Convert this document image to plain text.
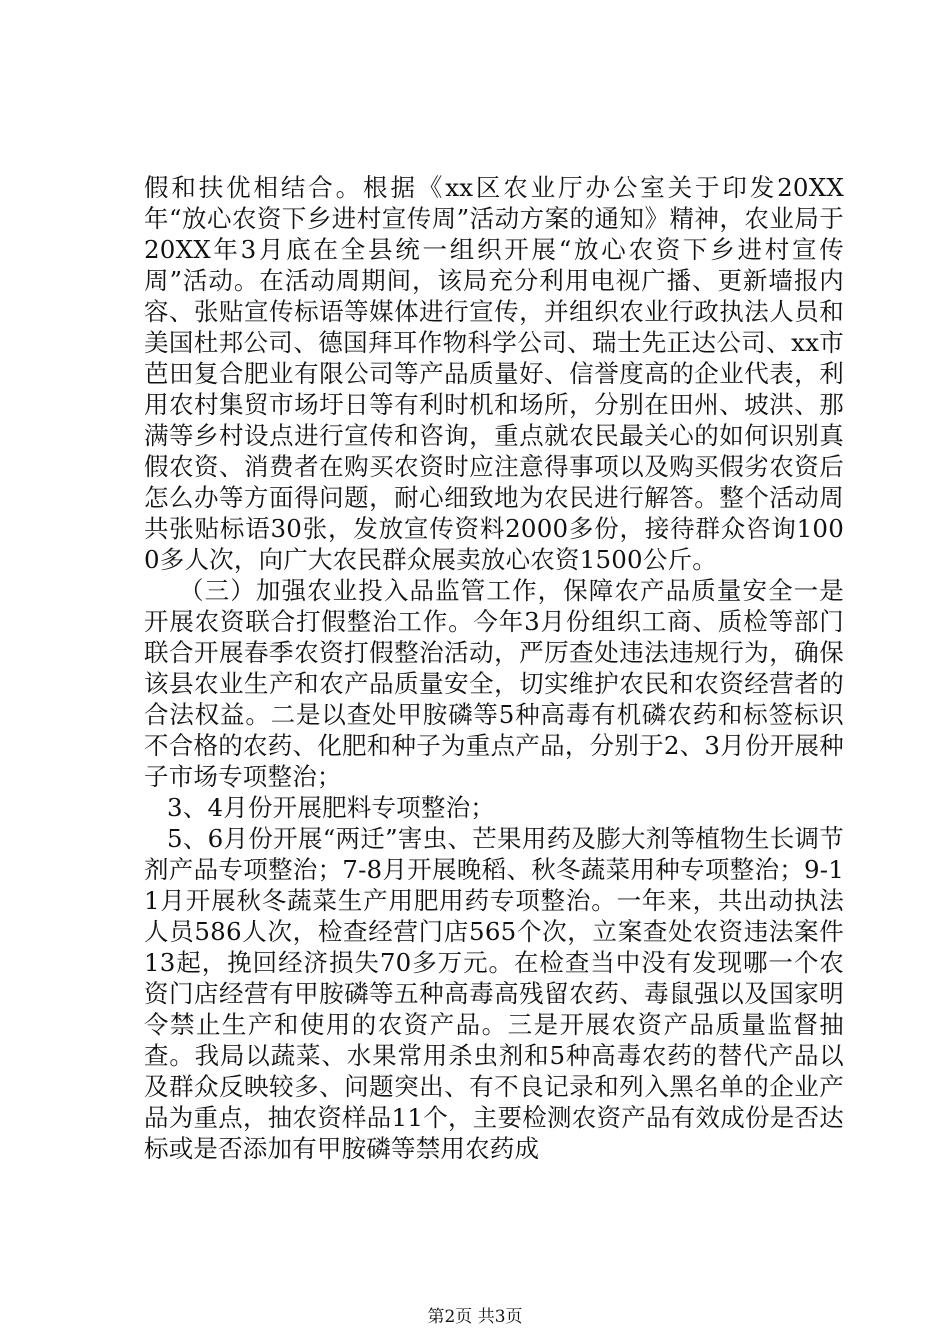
假和扶优相结合。根据《xx区农业厅办公室关于印发20XX年“放心农资下乡进村宣传周”活动方案的通知》精神，农业局于20XX年3月底在全县统一组织开展“放心农资下乡进村宣传周”活动。在活动周期间，该局充分利用电视广播、更新墙报内容、张贴宣传标语等媒体进行宣传，并组织农业行政执法人员和美国杜邦公司、德国拜耳作物科学公司、瑞士先正达公司、xx市芭田复合肥业有限公司等产品质量好、信誉度高的企业代表，利用农村集贸市场圩日等有利时机和场所，分别在田州、坡洪、那满等乡村设点进行宣传和咨询，重点就农民最关心的如何识别真假农资、消费者在购买农资时应注意得事项以及购买假劣农资后怎么办等方面得问题，耐心细致地为农民进行解答。整个活动周共张贴标语30张，发放宣传资料2000多份，接待群众咨询1000多人次，向广大农民群众展卖放心农资1500公斤。

（三）加强农业投入品监管工作，保障农产品质量安全一是开展农资联合打假整治工作。今年3月份组织工商、质检等部门联合开展春季农资打假整治活动，严厉查处违法违规行为，确保该县农业生产和农产品质量安全，切实维护农民和农资经营者的合法权益。二是以查处甲胺磷等5种高毒有机磷农药和标签标识不合格的农药、化肥和种子为重点产品，分别于2、3月份开展种子市场专项整治；

3、4月份开展肥料专项整治；

5、6月份开展“两迁”害虫、芒果用药及膨大剂等植物生长调节剂产品专项整治；7-8月开展晚稻、秋冬蔬菜用种专项整治；9-11月开展秋冬蔬菜生产用肥用药专项整治。一年来，共出动执法人员586人次，检查经营门店565个次，立案查处农资违法案件13起，挽回经济损失70多万元。在检查当中没有发现哪一个农资门店经营有甲胺磷等五种高毒高残留农药、毒鼠强以及国家明令禁止生产和使用的农资产品。三是开展农资产品质量监督抽查。我局以蔬菜、水果常用杀虫剂和5种高毒农药的替代产品以及群众反映较多、问题突出、有不良记录和列入黑名单的企业产品为重点，抽农资样品11个，主要检测农资产品有效成份是否达标或是否添加有甲胺磷等禁用农药成

第2页 共3页
